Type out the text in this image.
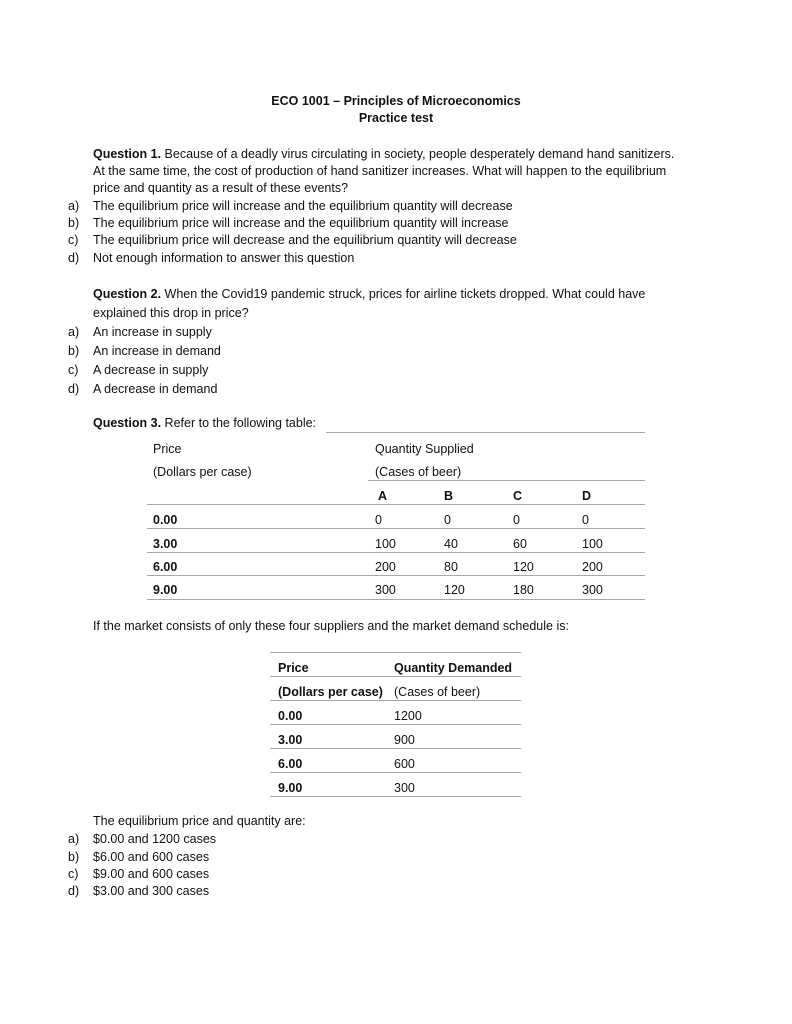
ECO 1001 – Principles of Microeconomics
Practice test
Question 1. Because of a deadly virus circulating in society, people desperately demand hand sanitizers.
At the same time, the cost of production of hand sanitizer increases. What will happen to the equilibrium
price and quantity as a result of these events?
a) The equilibrium price will increase and the equilibrium quantity will decrease
b) The equilibrium price will increase and the equilibrium quantity will increase
c) The equilibrium price will decrease and the equilibrium quantity will decrease
d) Not enough information to answer this question
Question 2. When the Covid19 pandemic struck, prices for airline tickets dropped. What could have
explained this drop in price?
a) An increase in supply
b) An increase in demand
c) A decrease in supply
d) A decrease in demand
Question 3. Refer to the following table:
Price	Quantity Supplied
(Dollars per case)	(Cases of beer)
A	B	C	D
0.00	0	0	0	0
3.00	100	40	60	100
6.00	200	80	120	200
9.00	300	120	180	300
If the market consists of only these four suppliers and the market demand schedule is:
Price	Quantity Demanded
(Dollars per case) (Cases of beer)
0.00	1200
3.00	900
6.00	600
9.00	300
The equilibrium price and quantity are:
a) $0.00 and 1200 cases
b) $6.00 and 600 cases
c) $9.00 and 600 cases
d) $3.00 and 300 cases
